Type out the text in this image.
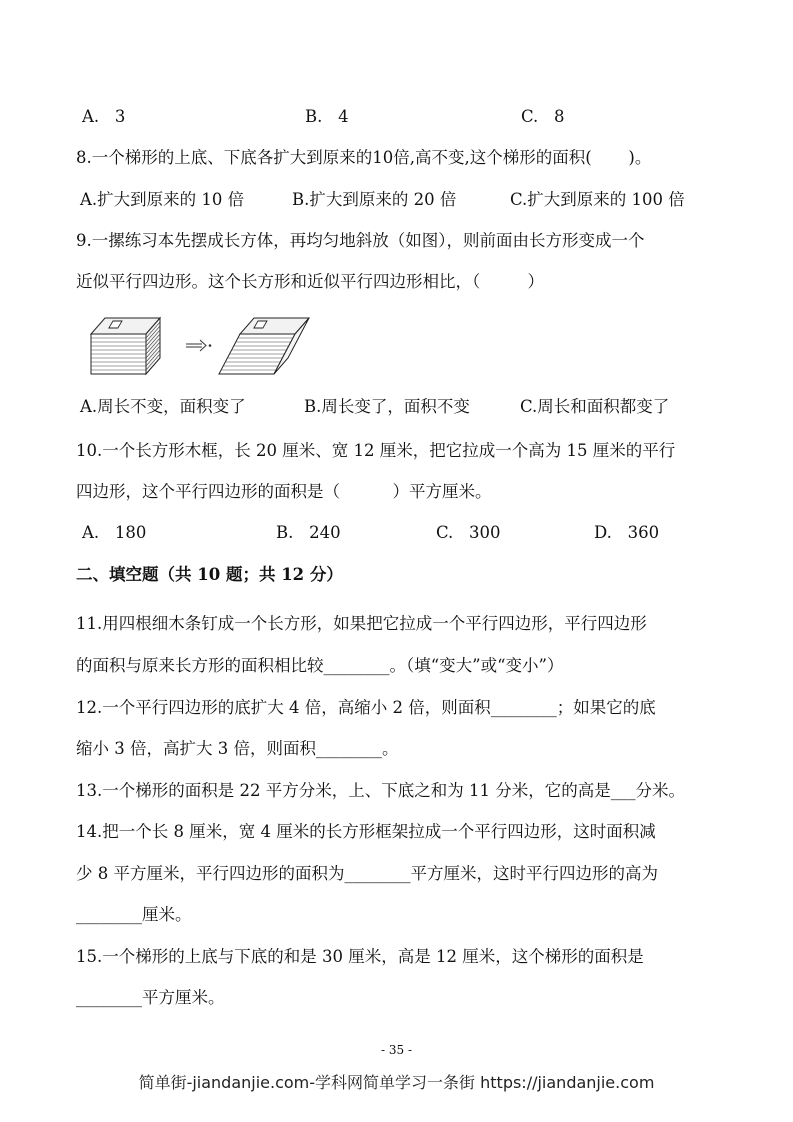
A.   3	B.   4	C.   8
8.一个梯形的上底、下底各扩大到原来的10倍,高不变,这个梯形的面积(       )。
A.扩大到原来的 10 倍	B.扩大到原来的 20 倍	C.扩大到原来的 100 倍
9.一摞练习本先摆成长方体，再均匀地斜放（如图），则前面由长方形变成一个
近似平行四边形。这个长方形和近似平行四边形相比，（         ）
A.周长不变，面积变了	B.周长变了，面积不变	C.周长和面积都变了
10.一个长方形木框，长 20 厘米、宽 12 厘米，把它拉成一个高为 15 厘米的平行
四边形，这个平行四边形的面积是（          ）平方厘米。
A.   180	B.   240	C.   300	D.   360
二、填空题（共 10 题；共 12 分）
11.用四根细木条钉成一个长方形，如果把它拉成一个平行四边形，平行四边形
的面积与原来长方形的面积相比较________。（填“变大”或“变小”）
12.一个平行四边形的底扩大 4 倍，高缩小 2 倍，则面积________；如果它的底
缩小 3 倍，高扩大 3 倍，则面积________。
13.一个梯形的面积是 22 平方分米，上、下底之和为 11 分米，它的高是___分米。
14.把一个长 8 厘米，宽 4 厘米的长方形框架拉成一个平行四边形，这时面积减
少 8 平方厘米，平行四边形的面积为________平方厘米，这时平行四边形的高为
________厘米。
15.一个梯形的上底与下底的和是 30 厘米，高是 12 厘米，这个梯形的面积是
________平方厘米。
- 35 -
简单街-jiandanjie.com-学科网简单学习一条街 https://jiandanjie.com
